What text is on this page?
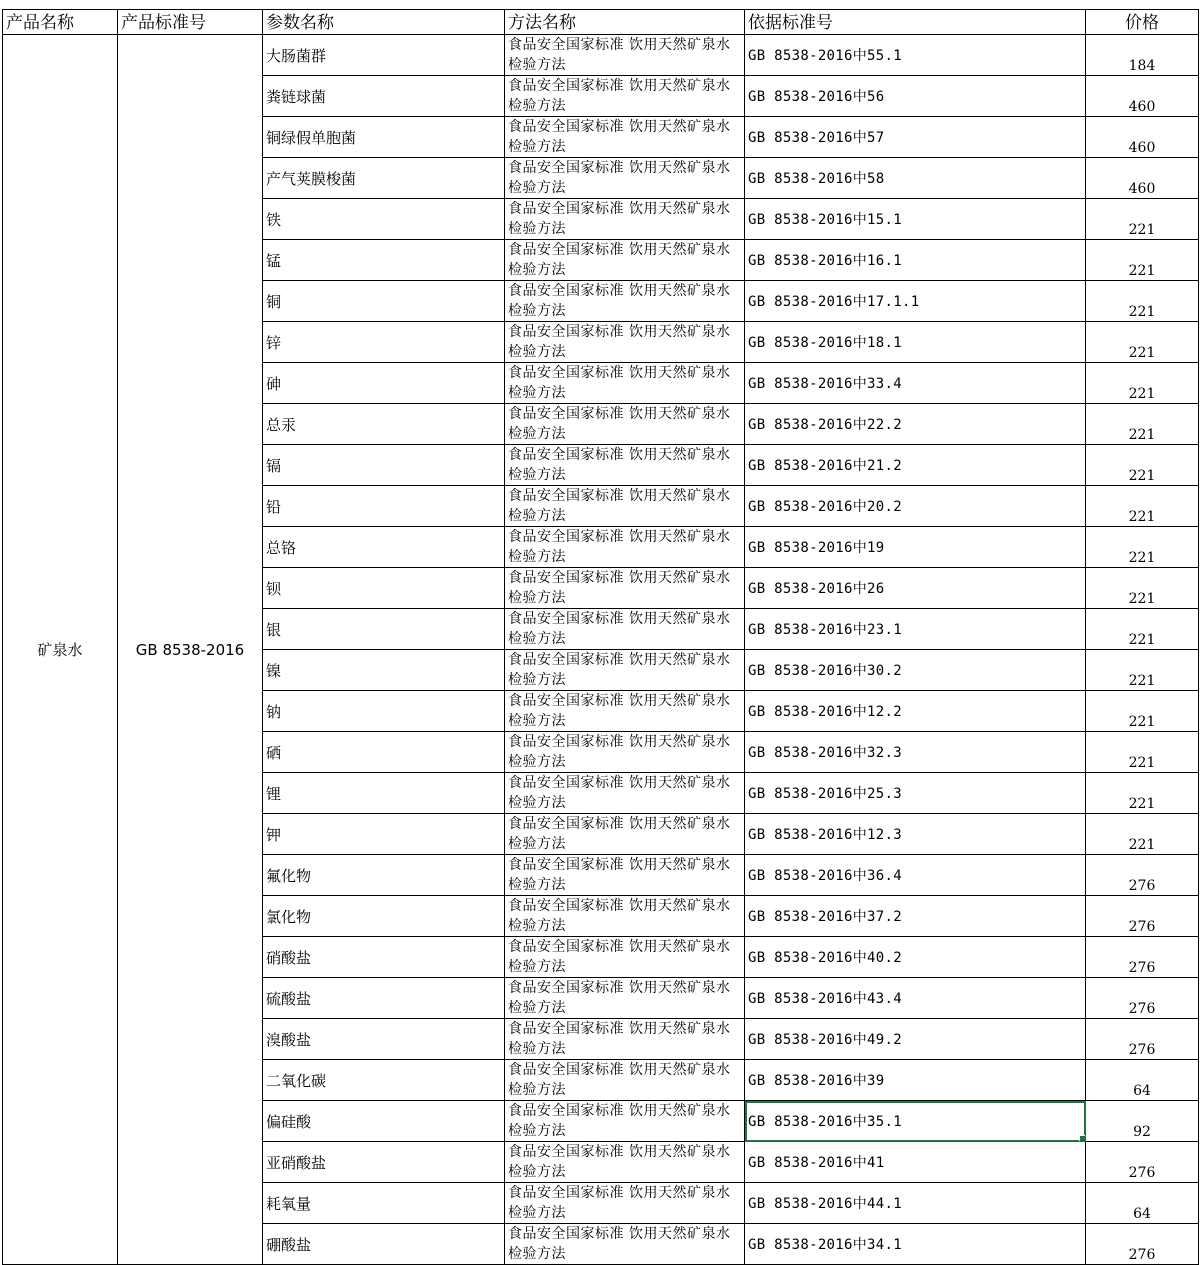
产品名称	产品标准号	参数名称	方法名称	依据标准号	价格
矿泉水	GB 8538-2016	大肠菌群	食品安全国家标准 饮用天然矿泉水检验方法	GB 8538-2016中55.1	184
		粪链球菌	食品安全国家标准 饮用天然矿泉水检验方法	GB 8538-2016中56	460
		铜绿假单胞菌	食品安全国家标准 饮用天然矿泉水检验方法	GB 8538-2016中57	460
		产气荚膜梭菌	食品安全国家标准 饮用天然矿泉水检验方法	GB 8538-2016中58	460
		铁	食品安全国家标准 饮用天然矿泉水检验方法	GB 8538-2016中15.1	221
		锰	食品安全国家标准 饮用天然矿泉水检验方法	GB 8538-2016中16.1	221
		铜	食品安全国家标准 饮用天然矿泉水检验方法	GB 8538-2016中17.1.1	221
		锌	食品安全国家标准 饮用天然矿泉水检验方法	GB 8538-2016中18.1	221
		砷	食品安全国家标准 饮用天然矿泉水检验方法	GB 8538-2016中33.4	221
		总汞	食品安全国家标准 饮用天然矿泉水检验方法	GB 8538-2016中22.2	221
		镉	食品安全国家标准 饮用天然矿泉水检验方法	GB 8538-2016中21.2	221
		铅	食品安全国家标准 饮用天然矿泉水检验方法	GB 8538-2016中20.2	221
		总铬	食品安全国家标准 饮用天然矿泉水检验方法	GB 8538-2016中19	221
		钡	食品安全国家标准 饮用天然矿泉水检验方法	GB 8538-2016中26	221
		银	食品安全国家标准 饮用天然矿泉水检验方法	GB 8538-2016中23.1	221
		镍	食品安全国家标准 饮用天然矿泉水检验方法	GB 8538-2016中30.2	221
		钠	食品安全国家标准 饮用天然矿泉水检验方法	GB 8538-2016中12.2	221
		硒	食品安全国家标准 饮用天然矿泉水检验方法	GB 8538-2016中32.3	221
		锂	食品安全国家标准 饮用天然矿泉水检验方法	GB 8538-2016中25.3	221
		钾	食品安全国家标准 饮用天然矿泉水检验方法	GB 8538-2016中12.3	221
		氟化物	食品安全国家标准 饮用天然矿泉水检验方法	GB 8538-2016中36.4	276
		氯化物	食品安全国家标准 饮用天然矿泉水检验方法	GB 8538-2016中37.2	276
		硝酸盐	食品安全国家标准 饮用天然矿泉水检验方法	GB 8538-2016中40.2	276
		硫酸盐	食品安全国家标准 饮用天然矿泉水检验方法	GB 8538-2016中43.4	276
		溴酸盐	食品安全国家标准 饮用天然矿泉水检验方法	GB 8538-2016中49.2	276
		二氧化碳	食品安全国家标准 饮用天然矿泉水检验方法	GB 8538-2016中39	64
		偏硅酸	食品安全国家标准 饮用天然矿泉水检验方法	GB 8538-2016中35.1	92
		亚硝酸盐	食品安全国家标准 饮用天然矿泉水检验方法	GB 8538-2016中41	276
		耗氧量	食品安全国家标准 饮用天然矿泉水检验方法	GB 8538-2016中44.1	64
		硼酸盐	食品安全国家标准 饮用天然矿泉水检验方法	GB 8538-2016中34.1	276
